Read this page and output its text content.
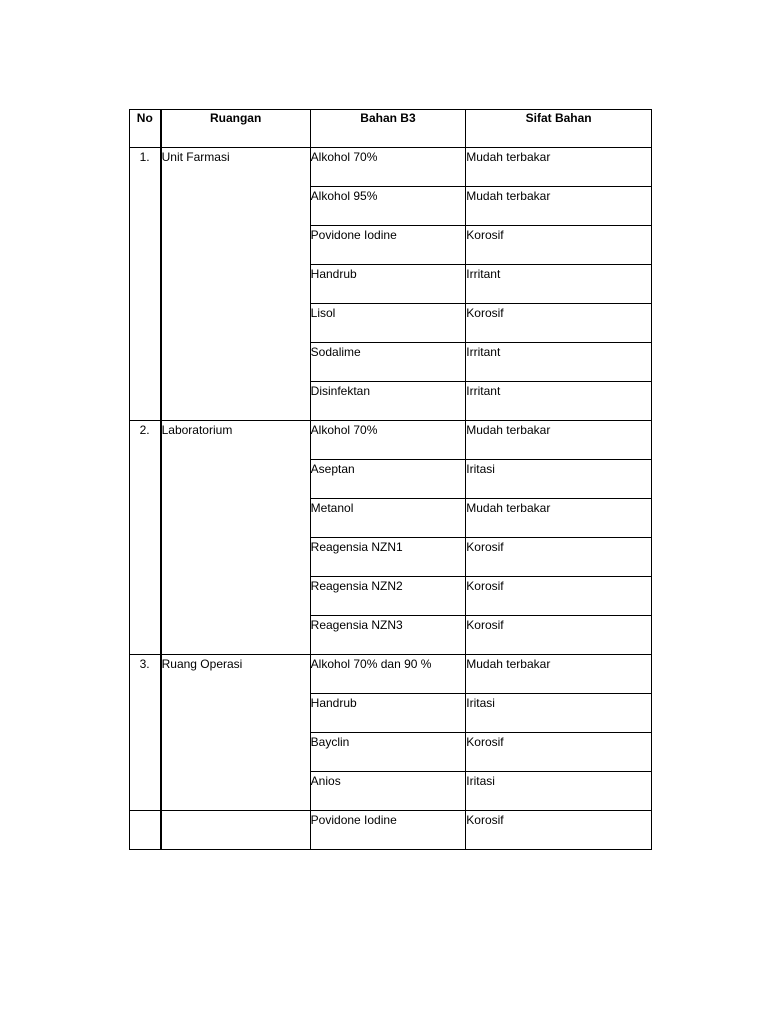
No	Ruangan	Bahan B3	Sifat Bahan
1.	Unit Farmasi	Alkohol 70%	Mudah terbakar
		Alkohol 95%	Mudah terbakar
		Povidone Iodine	Korosif
		Handrub	Irritant
		Lisol	Korosif
		Sodalime	Irritant
		Disinfektan	Irritant
2.	Laboratorium	Alkohol 70%	Mudah terbakar
		Aseptan	Iritasi
		Metanol	Mudah terbakar
		Reagensia NZN1	Korosif
		Reagensia NZN2	Korosif
		Reagensia NZN3	Korosif
3.	Ruang Operasi	Alkohol 70% dan 90 %	Mudah terbakar
		Handrub	Iritasi
		Bayclin	Korosif
		Anios	Iritasi
		Povidone Iodine	Korosif
